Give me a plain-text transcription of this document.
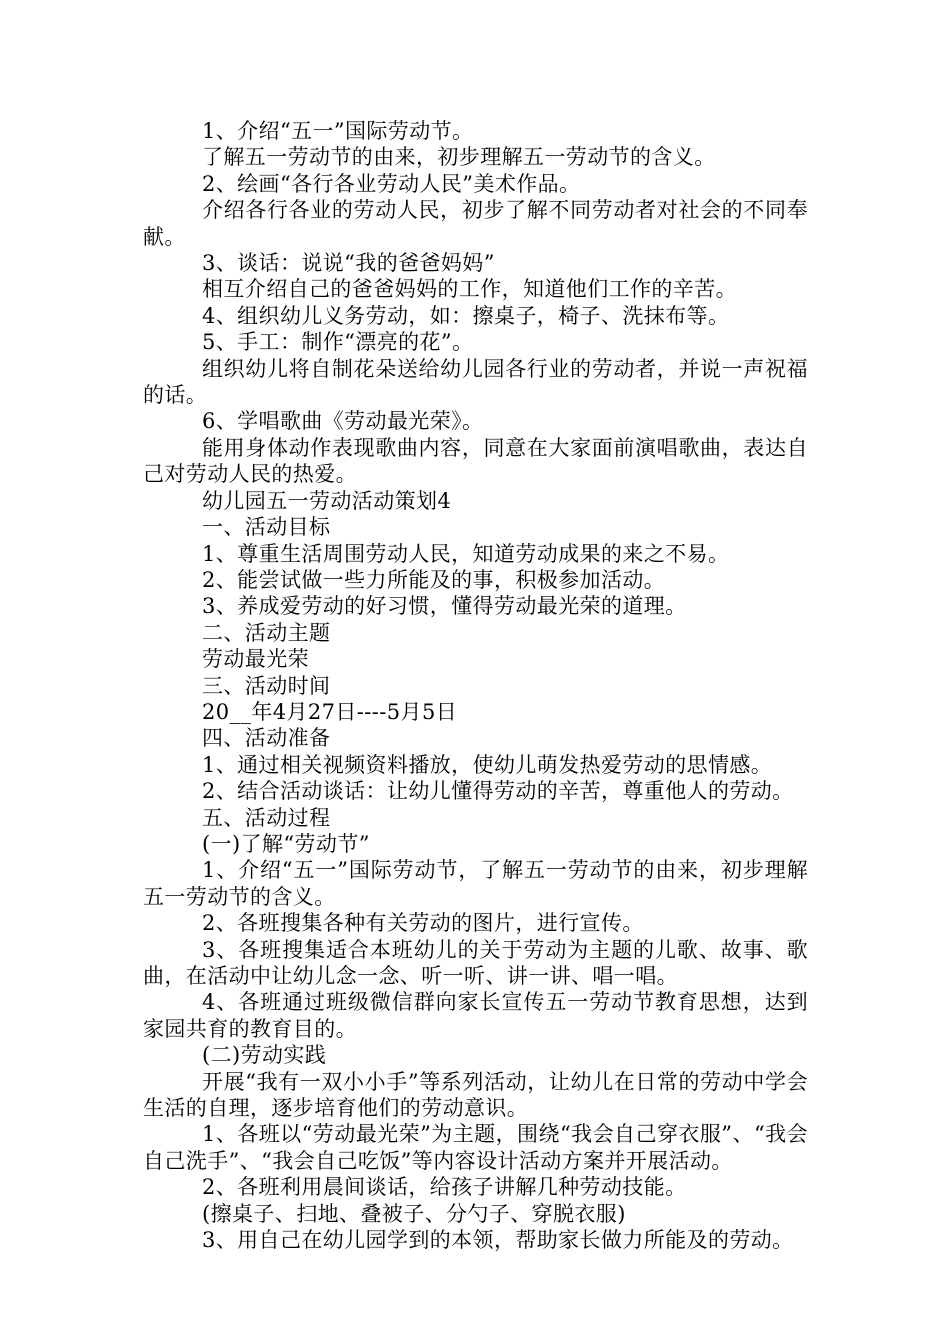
1、介绍“五一”国际劳动节。

了解五一劳动节的由来，初步理解五一劳动节的含义。

2、绘画“各行各业劳动人民”美术作品。

介绍各行各业的劳动人民，初步了解不同劳动者对社会的不同奉献。

3、谈话：说说“我的爸爸妈妈”

相互介绍自己的爸爸妈妈的工作，知道他们工作的辛苦。

4、组织幼儿义务劳动，如：擦桌子，椅子、洗抹布等。

5、手工：制作“漂亮的花”。

组织幼儿将自制花朵送给幼儿园各行业的劳动者，并说一声祝福的话。

6、学唱歌曲《劳动最光荣》。

能用身体动作表现歌曲内容，同意在大家面前演唱歌曲，表达自己对劳动人民的热爱。

幼儿园五一劳动活动策划4

一、活动目标

1、尊重生活周围劳动人民，知道劳动成果的来之不易。

2、能尝试做一些力所能及的事，积极参加活动。

3、养成爱劳动的好习惯，懂得劳动最光荣的道理。

二、活动主题

劳动最光荣

三、活动时间

20__年4月27日----5月5日

四、活动准备

1、通过相关视频资料播放，使幼儿萌发热爱劳动的思情感。

2、结合活动谈话：让幼儿懂得劳动的辛苦，尊重他人的劳动。

五、活动过程

(一)了解“劳动节”

1、介绍“五一”国际劳动节，了解五一劳动节的由来，初步理解五一劳动节的含义。

2、各班搜集各种有关劳动的图片，进行宣传。

3、各班搜集适合本班幼儿的关于劳动为主题的儿歌、故事、歌曲，在活动中让幼儿念一念、听一听、讲一讲、唱一唱。

4、各班通过班级微信群向家长宣传五一劳动节教育思想，达到家园共育的教育目的。

(二)劳动实践

开展“我有一双小小手”等系列活动，让幼儿在日常的劳动中学会生活的自理，逐步培育他们的劳动意识。

1、各班以“劳动最光荣”为主题，围绕“我会自己穿衣服”、“我会自己洗手”、“我会自己吃饭”等内容设计活动方案并开展活动。

2、各班利用晨间谈话，给孩子讲解几种劳动技能。

(擦桌子、扫地、叠被子、分勺子、穿脱衣服)

3、用自己在幼儿园学到的本领，帮助家长做力所能及的劳动。
